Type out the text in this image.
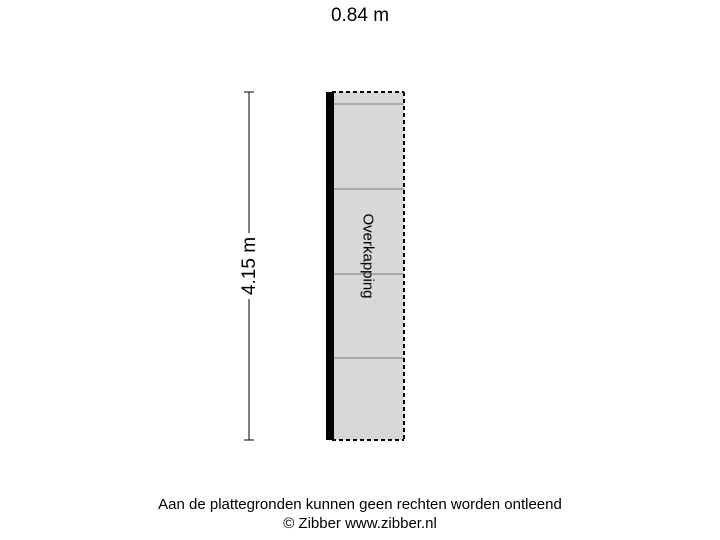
0.84 m
4.15 m	Overkapping
Aan de plattegronden kunnen geen rechten worden ontleend
© Zibber www.zibber.nl
